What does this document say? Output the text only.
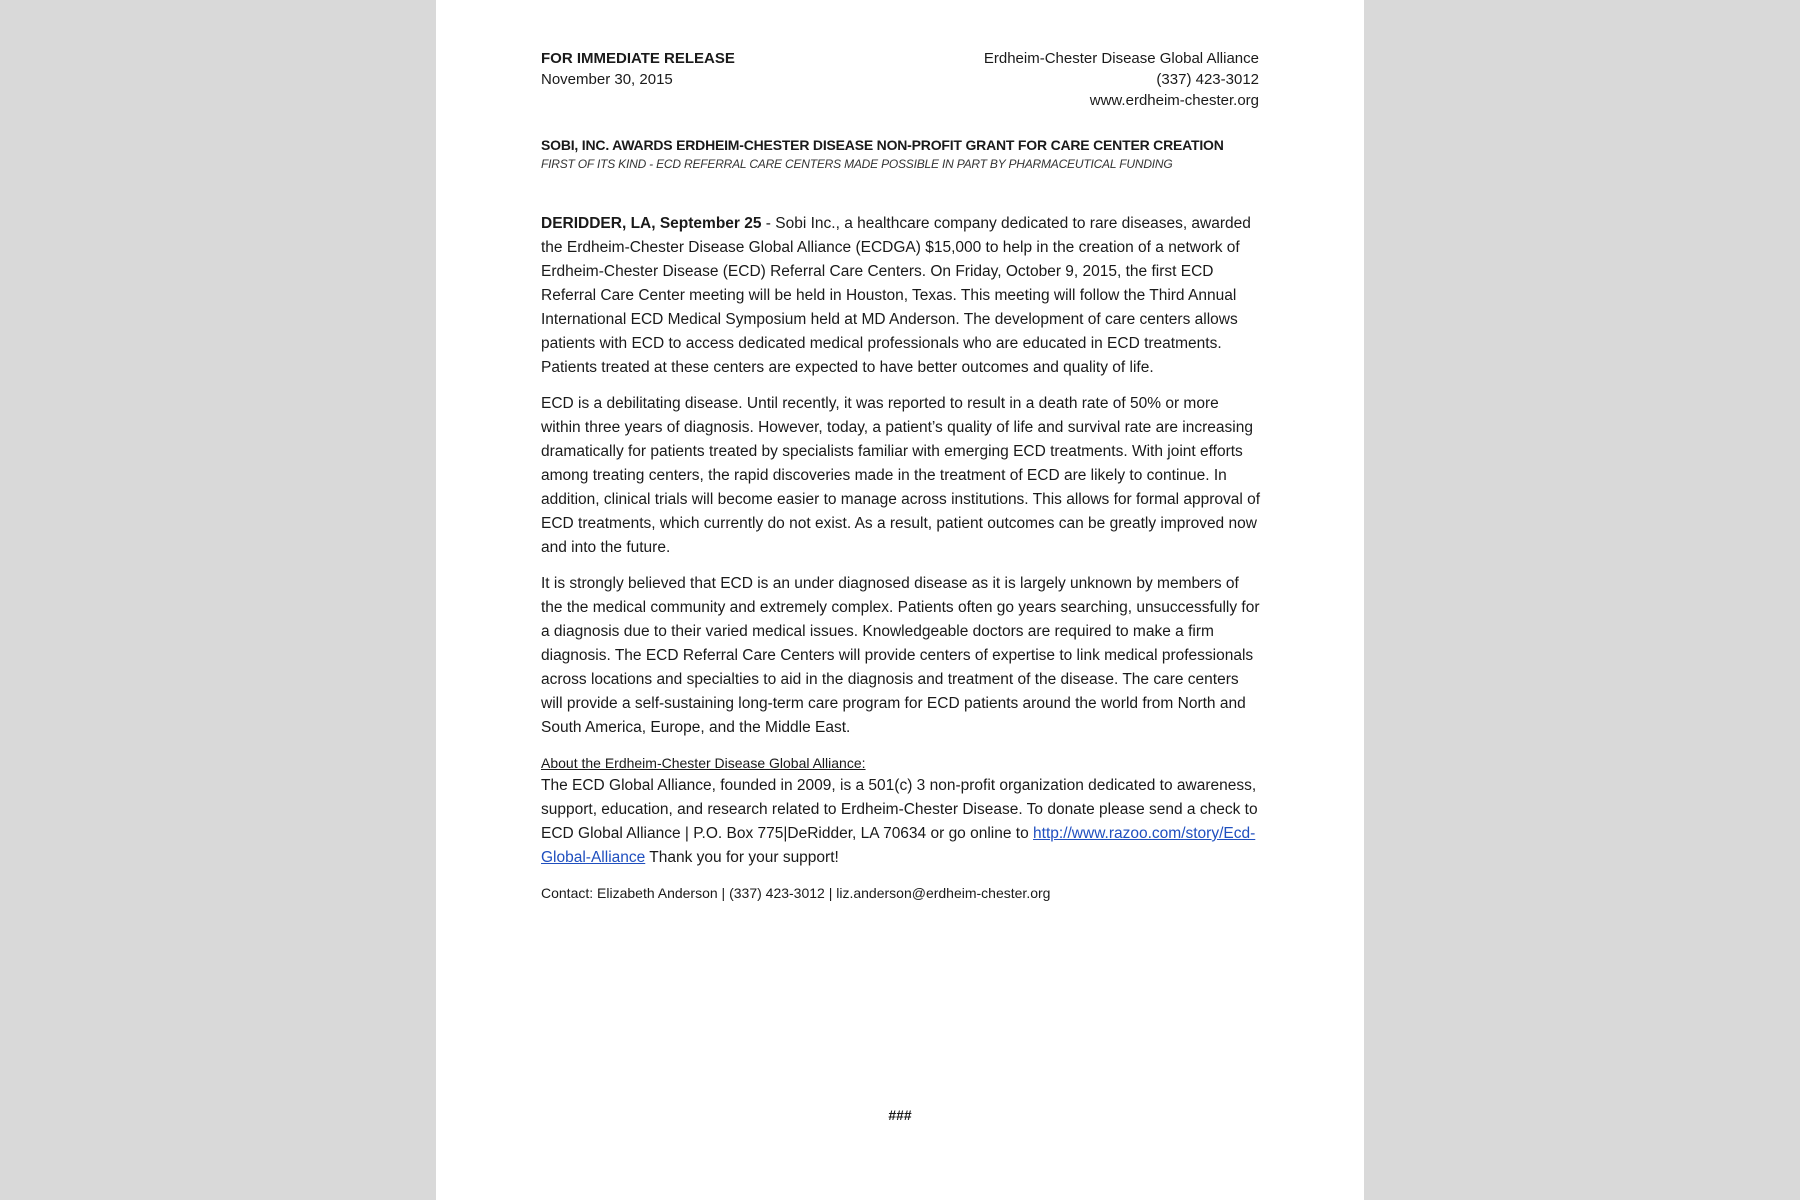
FOR IMMEDIATE RELEASE
November 30, 2015
Erdheim-Chester Disease Global Alliance
(337) 423-3012
www.erdheim-chester.org
SOBI, INC. AWARDS ERDHEIM-CHESTER DISEASE NON-PROFIT GRANT FOR CARE CENTER CREATION
FIRST OF ITS KIND - ECD REFERRAL CARE CENTERS MADE POSSIBLE IN PART BY PHARMACEUTICAL FUNDING

DERIDDER, LA, September 25 - Sobi Inc., a healthcare company dedicated to rare diseases, awarded the Erdheim-Chester Disease Global Alliance (ECDGA) $15,000 to help in the creation of a network of Erdheim-Chester Disease (ECD) Referral Care Centers. On Friday, October 9, 2015, the first ECD Referral Care Center meeting will be held in Houston, Texas. This meeting will follow the Third Annual International ECD Medical Symposium held at MD Anderson. The development of care centers allows patients with ECD to access dedicated medical professionals who are educated in ECD treatments. Patients treated at these centers are expected to have better outcomes and quality of life.

ECD is a debilitating disease. Until recently, it was reported to result in a death rate of 50% or more within three years of diagnosis. However, today, a patient’s quality of life and survival rate are increasing dramatically for patients treated by specialists familiar with emerging ECD treatments. With joint efforts among treating centers, the rapid discoveries made in the treatment of ECD are likely to continue. In addition, clinical trials will become easier to manage across institutions. This allows for formal approval of ECD treatments, which currently do not exist. As a result, patient outcomes can be greatly improved now and into the future.

It is strongly believed that ECD is an under diagnosed disease as it is largely unknown by members of the the medical community and extremely complex. Patients often go years searching, unsuccessfully for a diagnosis due to their varied medical issues. Knowledgeable doctors are required to make a firm diagnosis. The ECD Referral Care Centers will provide centers of expertise to link medical professionals across locations and specialties to aid in the diagnosis and treatment of the disease. The care centers will provide a self-sustaining long-term care program for ECD patients around the world from North and South America, Europe, and the Middle East.

About the Erdheim-Chester Disease Global Alliance:

The ECD Global Alliance, founded in 2009, is a 501(c) 3 non-profit organization dedicated to awareness, support, education, and research related to Erdheim-Chester Disease. To donate please send a check to ECD Global Alliance | P.O. Box 775|DeRidder, LA 70634 or go online to http://www.razoo.com/story/Ecd-Global-Alliance Thank you for your support!

Contact: Elizabeth Anderson | (337) 423-3012 | liz.anderson@erdheim-chester.org

###
